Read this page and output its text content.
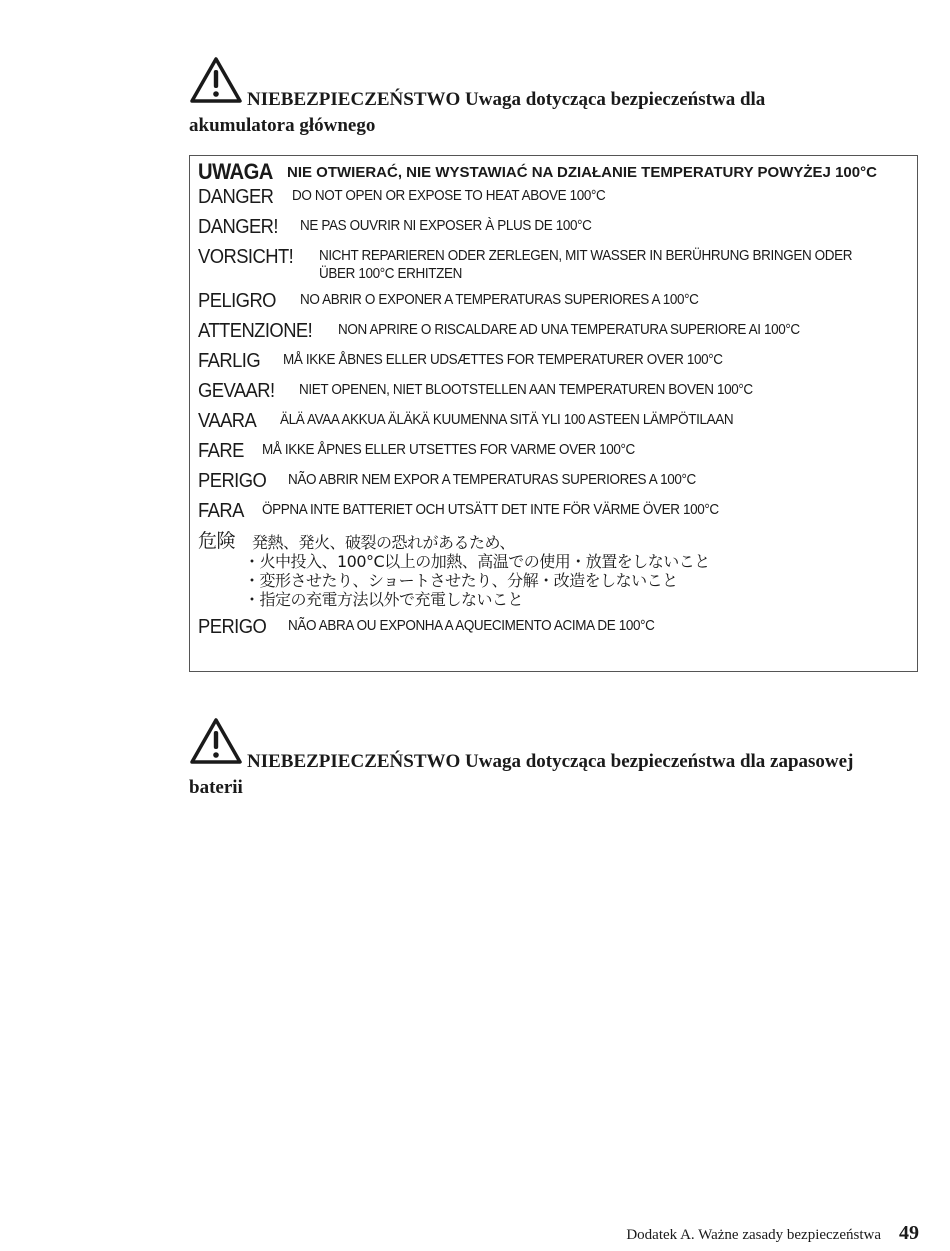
NIEBEZPIECZEŃSTWO Uwaga dotycząca bezpieczeństwa dla
akumulatora głównego
UWAGA NIE OTWIERAĆ, NIE WYSTAWIAĆ NA DZIAŁANIE TEMPERATURY POWYŻEJ 100°C
DANGER DO NOT OPEN OR EXPOSE TO HEAT ABOVE 100°C
DANGER! NE PAS OUVRIR NI EXPOSER À PLUS DE 100°C
VORSICHT! NICHT REPARIEREN ODER ZERLEGEN, MIT WASSER IN BERÜHRUNG BRINGEN ODER
ÜBER 100°C ERHITZEN
PELIGRO NO ABRIR O EXPONER A TEMPERATURAS SUPERIORES A 100°C
ATTENZIONE! NON APRIRE O RISCALDARE AD UNA TEMPERATURA SUPERIORE AI 100°C
FARLIG MÅ IKKE ÅBNES ELLER UDSÆTTES FOR TEMPERATURER OVER 100°C
GEVAAR! NIET OPENEN, NIET BLOOTSTELLEN AAN TEMPERATUREN BOVEN 100°C
VAARA ÄLÄ AVAA AKKUA ÄLÄKÄ KUUMENNA SITÄ YLI 100 ASTEEN LÄMPÖTILAAN
FARE MÅ IKKE ÅPNES ELLER UTSETTES FOR VARME OVER 100°C
PERIGO NÃO ABRIR NEM EXPOR A TEMPERATURAS SUPERIORES A 100°C
FARA ÖPPNA INTE BATTERIET OCH UTSÄTT DET INTE FÖR VÄRME ÖVER 100°C
危険 発熱、発火、破裂の恐れがあるため、
・火中投入、100°C以上の加熱、高温での使用・放置をしないこと
・変形させたり、ショートさせたり、分解・改造をしないこと
・指定の充電方法以外で充電しないこと
PERIGO NÃO ABRA OU EXPONHA A AQUECIMENTO ACIMA DE 100°C
NIEBEZPIECZEŃSTWO Uwaga dotycząca bezpieczeństwa dla zapasowej
baterii
Dodatek A. Ważne zasady bezpieczeństwa 49
